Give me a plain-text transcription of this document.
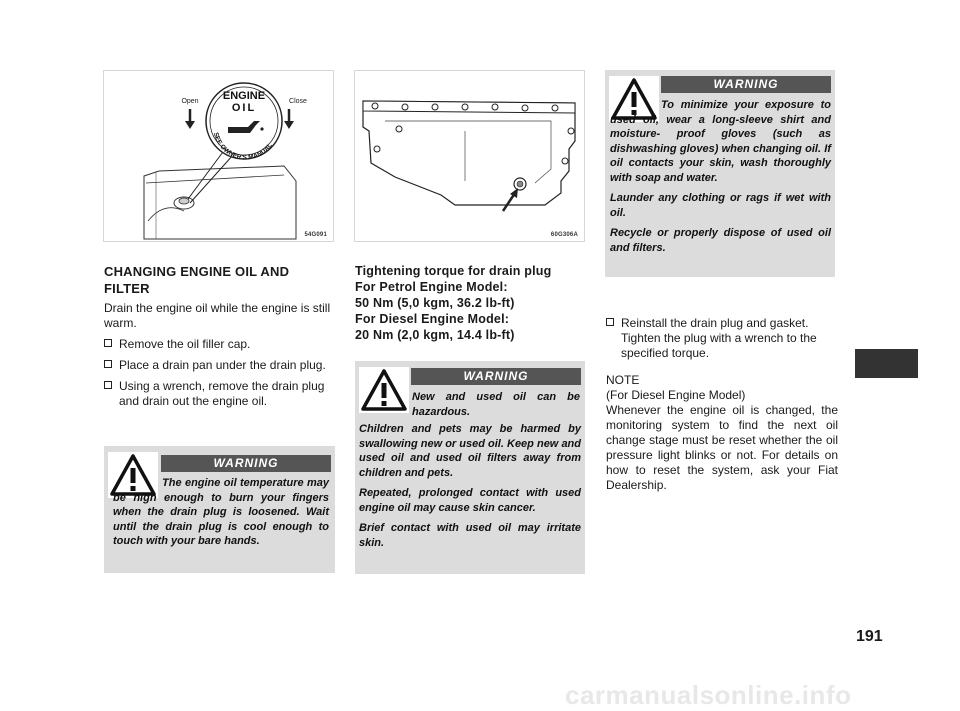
ENGINE
OIL
SEE OWNER'S MANUAL
Open	Close
54G091	60G306A
CHANGING ENGINE OIL AND FILTER
Drain the engine oil while the engine is still warm.
Remove the oil filler cap.
Place a drain pan under the drain plug.
Using a wrench, remove the drain plug and drain out the engine oil.
Tightening torque for drain plug
For Petrol Engine Model:
50 Nm (5,0 kgm, 36.2 lb-ft)
For Diesel Engine Model:
20 Nm (2,0 kgm, 14.4 lb-ft)
WARNING
The engine oil temperature may be high enough to burn your fingers when the drain plug is loosened. Wait until the drain plug is cool enough to touch with your bare hands.
WARNING
New and used oil can be hazardous.

Children and pets may be harmed by swallowing new or used oil. Keep new and used oil and used oil filters away from children and pets.

Repeated, prolonged contact with used engine oil may cause skin cancer.

Brief contact with used oil may irritate skin.

WARNING

To minimize your exposure to used oil, wear a long-sleeve shirt and moisture- proof gloves (such as dishwashing gloves) when changing oil. If oil contacts your skin, wash thoroughly with soap and water.

Launder any clothing or rags if wet with oil.

Recycle or properly dispose of used oil and filters.

Reinstall the drain plug and gasket. Tighten the plug with a wrench to the specified torque.
NOTE
(For Diesel Engine Model)
Whenever the engine oil is changed, the monitoring system to find the next oil change stage must be reset whether the oil pressure light blinks or not. For details on how to reset the system, ask your Fiat Dealership.
191
carmanualsonline.info
